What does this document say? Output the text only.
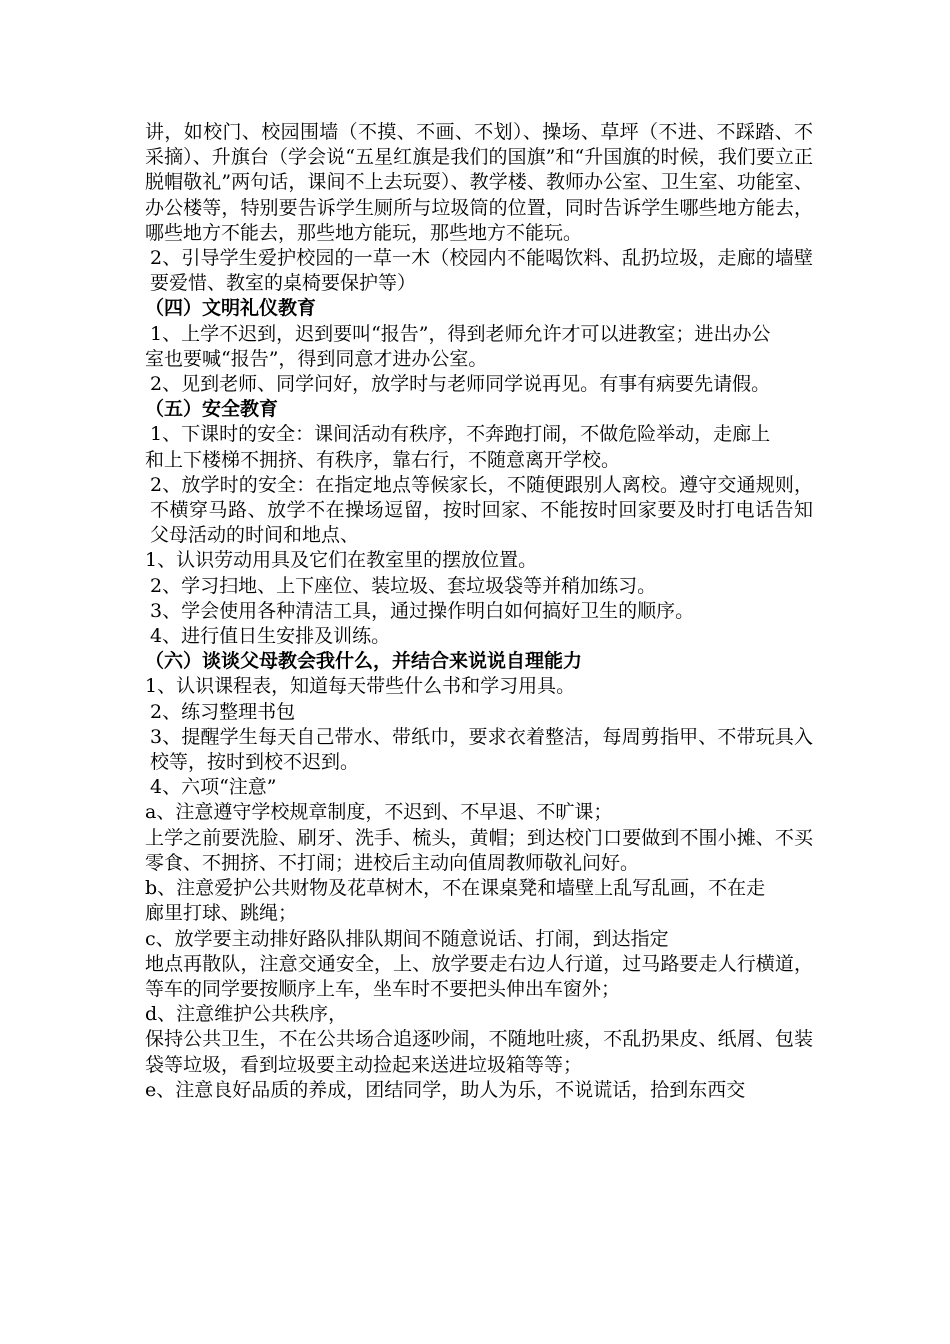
讲，如校门、校园围墙（不摸、不画、不划）、操场、草坪（不进、不踩踏、不采摘）、升旗台（学会说“五星红旗是我们的国旗”和“升国旗的时候，我们要立正脱帽敬礼”两句话，课间不上去玩耍）、教学楼、教师办公室、卫生室、功能室、办公楼等，特别要告诉学生厕所与垃圾筒的位置，同时告诉学生哪些地方能去，哪些地方不能去，那些地方能玩，那些地方不能玩。

2、引导学生爱护校园的一草一木（校园内不能喝饮料、乱扔垃圾，走廊的墙壁要爱惜、教室的桌椅要保护等）

（四）文明礼仪教育

1、上学不迟到，迟到要叫“报告”，得到老师允许才可以进教室；进出办公

室也要喊“报告”，得到同意才进办公室。

2、见到老师、同学问好，放学时与老师同学说再见。有事有病要先请假。

（五）安全教育

1、下课时的安全：课间活动有秩序，不奔跑打闹，不做危险举动，走廊上

和上下楼梯不拥挤、有秩序，靠右行，不随意离开学校。

2、放学时的安全：在指定地点等候家长，不随便跟别人离校。遵守交通规则，不横穿马路、放学不在操场逗留，按时回家、不能按时回家要及时打电话告知父母活动的时间和地点、

1、认识劳动用具及它们在教室里的摆放位置。

2、学习扫地、上下座位、装垃圾、套垃圾袋等并稍加练习。

3、学会使用各种清洁工具，通过操作明白如何搞好卫生的顺序。

4、进行值日生安排及训练。

（六）谈谈父母教会我什么，并结合来说说自理能力

1、认识课程表，知道每天带些什么书和学习用具。

2、练习整理书包

3、提醒学生每天自己带水、带纸巾，要求衣着整洁，每周剪指甲、不带玩具入校等，按时到校不迟到。

4、六项“注意”

a、注意遵守学校规章制度，不迟到、不早退、不旷课；

上学之前要洗脸、刷牙、洗手、梳头，黄帽；到达校门口要做到不围小摊、不买零食、不拥挤、不打闹；进校后主动向值周教师敬礼问好。

b、注意爱护公共财物及花草树木，不在课桌凳和墙壁上乱写乱画，不在走

廊里打球、跳绳；

c、放学要主动排好路队排队期间不随意说话、打闹，到达指定

地点再散队，注意交通安全，上、放学要走右边人行道，过马路要走人行横道，等车的同学要按顺序上车，坐车时不要把头伸出车窗外；

d、注意维护公共秩序，

保持公共卫生，不在公共场合追逐吵闹，不随地吐痰，不乱扔果皮、纸屑、包装袋等垃圾，看到垃圾要主动捡起来送进垃圾箱等等；

e、注意良好品质的养成，团结同学，助人为乐，不说谎话，拾到东西交
